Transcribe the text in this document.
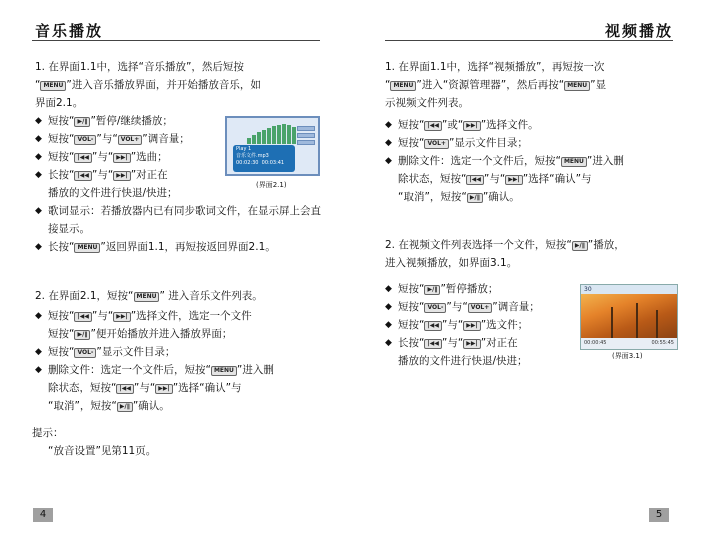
音乐播放
1. 在界面1.1中，选择“音乐播放”，然后短按
“ MENU ”进入音乐播放界面，并开始播放音乐，如
界面2.1。
◆ 短按“ ▶/∥ ”暂停/继续播放；
◆ 短按“ VOL- ”与“ VOL+ ”调音量；
◆ 短按“ |◀◀ ”与“ ▶▶| ”选曲；
◆ 长按“ |◀◀ ”与“ ▶▶| ”对正在
播放的文件进行快退/快进；
Play 1
音乐文件.mp3
00:02:30 00:03:41
(界面2.1)
◆ 歌词显示：若播放器内已有同步歌词文件，在显示屏上会直接显示。
◆ 长按“ MENU ”返回界面1.1，再短按返回界面2.1。
2. 在界面2.1，短按“ MENU ” 进入音乐文件列表。
◆ 短按“ |◀◀ ”与“ ▶▶| ”选择文件，选定一个文件
短按“ ▶/∥ ”便开始播放并进入播放界面；
◆ 短按“ VOL- ”显示文件目录；
◆ 删除文件：选定一个文件后，短按“ MENU ”进入删
除状态，短按“ |◀◀ ”与“ ▶▶| ”选择“确认”与
“取消”，短按“ ▶/∥ ”确认。
提示：
“放音设置”见第11页。
4
视频播放
1. 在界面1.1中，选择“视频播放”，再短按一次
“ MENU ”进入“资源管理器”，然后再按“ MENU ”显
示视频文件列表。
◆ 短按“ |◀◀ ”或“ ▶▶| ”选择文件。
◆ 短按“ VOL+ ”显示文件目录；
◆ 删除文件：选定一个文件后，短按“ MENU ”进入删
除状态，短按“ |◀◀ ”与“ ▶▶| ”选择“确认”与
“取消”，短按“ ▶/∥ ”确认。
2. 在视频文件列表选择一个文件，短按“ ▶/∥ ”播放，
进入视频播放，如界面3.1。
◆ 短按“ ▶/∥ ”暂停播放；
◆ 短按“ VOL- ”与“ VOL+ ”调音量；
◆ 短按“ |◀◀ ”与“ ▶▶| ”选文件；
◆ 长按“ |◀◀ ”与“ ▶▶| ”对正在
播放的文件进行快退/快进；
30
00:00:45	00:55:45
(界面3.1)
5
